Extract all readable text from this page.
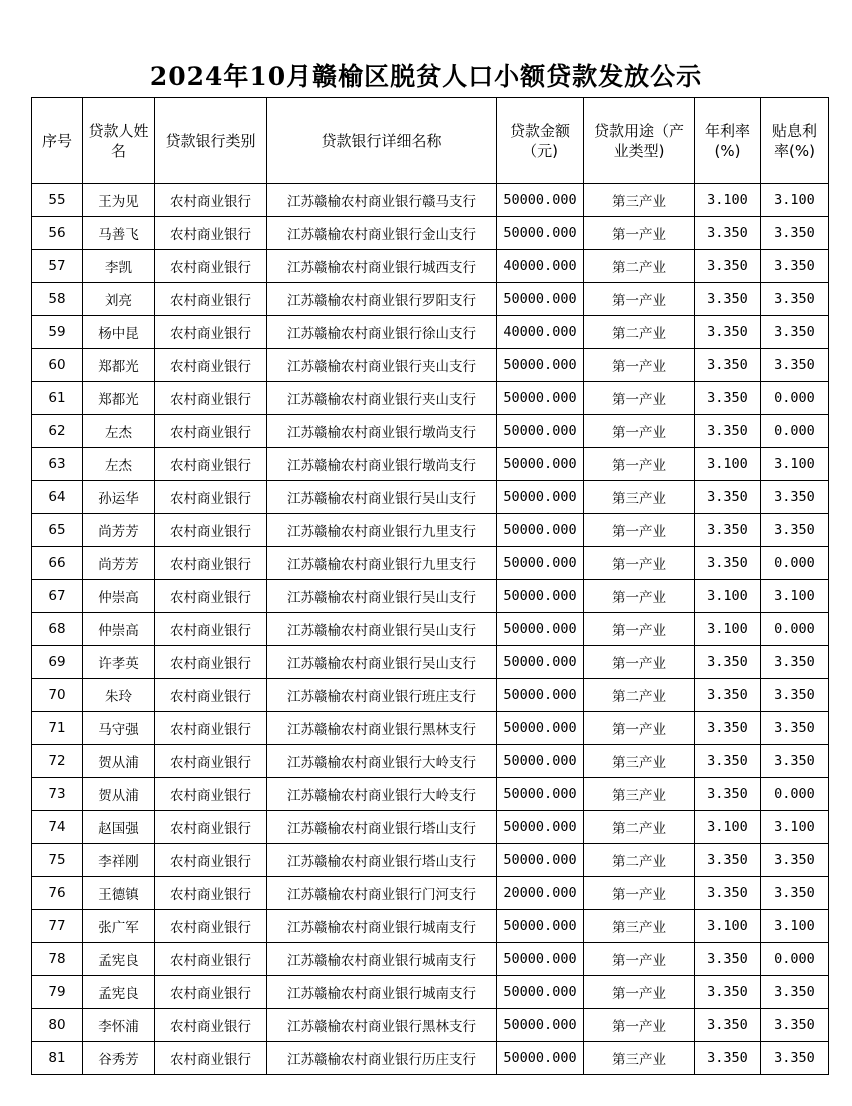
2024年10月赣榆区脱贫人口小额贷款发放公示
序号	贷款人姓名	贷款银行类别	贷款银行详细名称	贷款金额（元)	贷款用途（产业类型)	年利率(%)	贴息利率(%)
55	王为见	农村商业银行	江苏赣榆农村商业银行赣马支行	50000.000	第三产业	3.100	3.100
56	马善飞	农村商业银行	江苏赣榆农村商业银行金山支行	50000.000	第一产业	3.350	3.350
57	李凯	农村商业银行	江苏赣榆农村商业银行城西支行	40000.000	第二产业	3.350	3.350
58	刘亮	农村商业银行	江苏赣榆农村商业银行罗阳支行	50000.000	第一产业	3.350	3.350
59	杨中昆	农村商业银行	江苏赣榆农村商业银行徐山支行	40000.000	第二产业	3.350	3.350
60	郑都光	农村商业银行	江苏赣榆农村商业银行夹山支行	50000.000	第一产业	3.350	3.350
61	郑都光	农村商业银行	江苏赣榆农村商业银行夹山支行	50000.000	第一产业	3.350	0.000
62	左杰	农村商业银行	江苏赣榆农村商业银行墩尚支行	50000.000	第一产业	3.350	0.000
63	左杰	农村商业银行	江苏赣榆农村商业银行墩尚支行	50000.000	第一产业	3.100	3.100
64	孙运华	农村商业银行	江苏赣榆农村商业银行吴山支行	50000.000	第三产业	3.350	3.350
65	尚芳芳	农村商业银行	江苏赣榆农村商业银行九里支行	50000.000	第一产业	3.350	3.350
66	尚芳芳	农村商业银行	江苏赣榆农村商业银行九里支行	50000.000	第一产业	3.350	0.000
67	仲崇高	农村商业银行	江苏赣榆农村商业银行吴山支行	50000.000	第一产业	3.100	3.100
68	仲崇高	农村商业银行	江苏赣榆农村商业银行吴山支行	50000.000	第一产业	3.100	0.000
69	许孝英	农村商业银行	江苏赣榆农村商业银行吴山支行	50000.000	第一产业	3.350	3.350
70	朱玲	农村商业银行	江苏赣榆农村商业银行班庄支行	50000.000	第二产业	3.350	3.350
71	马守强	农村商业银行	江苏赣榆农村商业银行黑林支行	50000.000	第一产业	3.350	3.350
72	贺从浦	农村商业银行	江苏赣榆农村商业银行大岭支行	50000.000	第三产业	3.350	3.350
73	贺从浦	农村商业银行	江苏赣榆农村商业银行大岭支行	50000.000	第三产业	3.350	0.000
74	赵国强	农村商业银行	江苏赣榆农村商业银行塔山支行	50000.000	第二产业	3.100	3.100
75	李祥刚	农村商业银行	江苏赣榆农村商业银行塔山支行	50000.000	第二产业	3.350	3.350
76	王德镇	农村商业银行	江苏赣榆农村商业银行门河支行	20000.000	第一产业	3.350	3.350
77	张广军	农村商业银行	江苏赣榆农村商业银行城南支行	50000.000	第三产业	3.100	3.100
78	孟宪良	农村商业银行	江苏赣榆农村商业银行城南支行	50000.000	第一产业	3.350	0.000
79	孟宪良	农村商业银行	江苏赣榆农村商业银行城南支行	50000.000	第一产业	3.350	3.350
80	李怀浦	农村商业银行	江苏赣榆农村商业银行黑林支行	50000.000	第一产业	3.350	3.350
81	谷秀芳	农村商业银行	江苏赣榆农村商业银行历庄支行	50000.000	第三产业	3.350	3.350
